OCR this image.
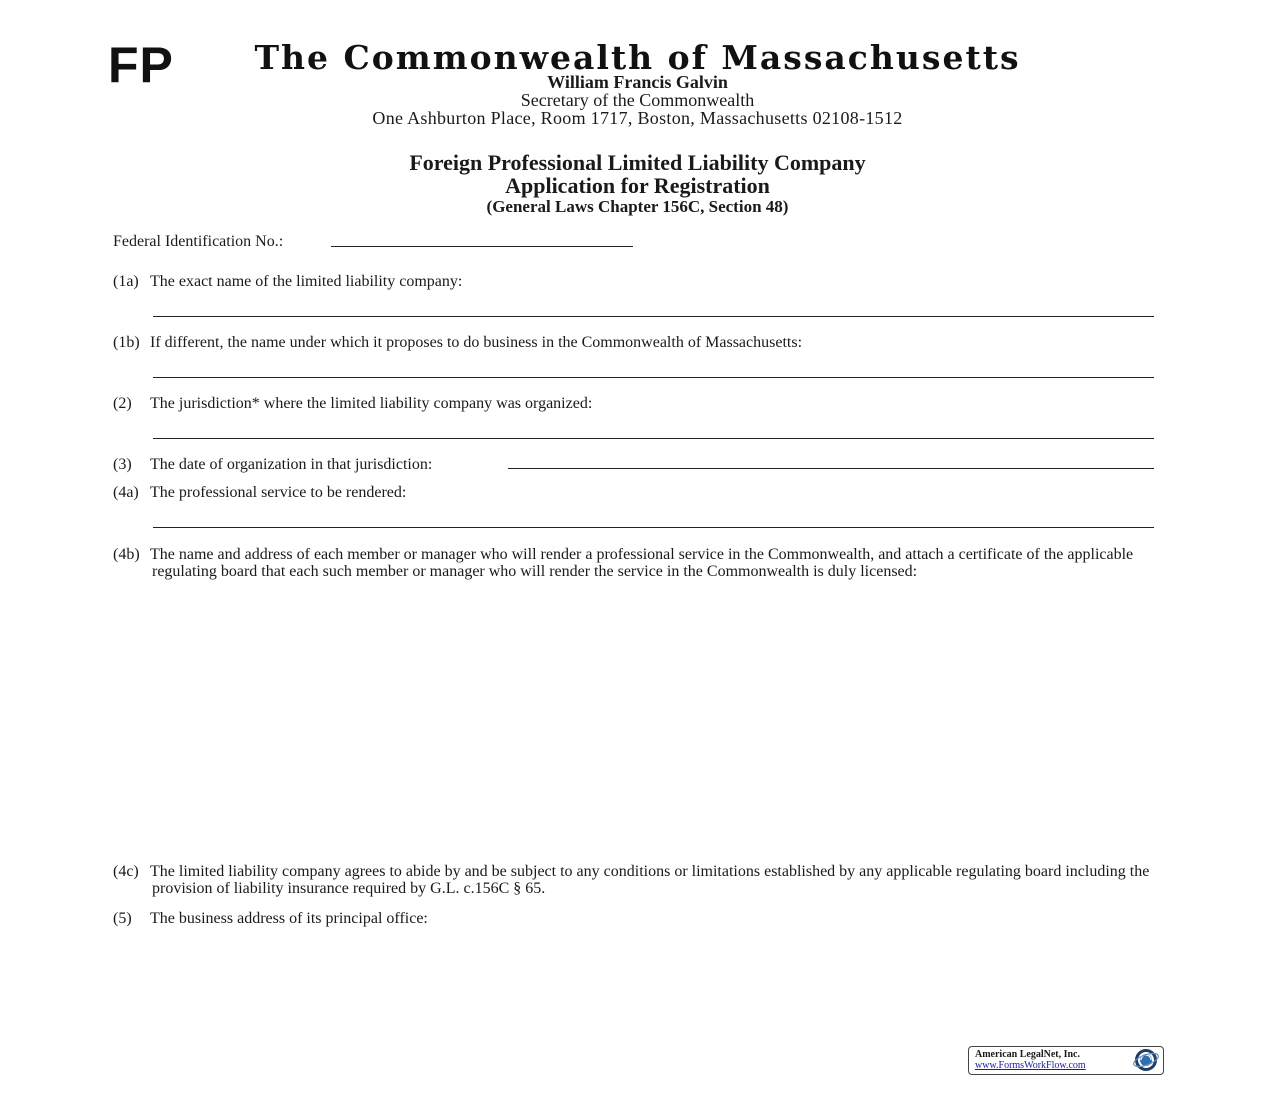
FP	The Commonwealth of Massachusetts
William Francis Galvin
Secretary of the Commonwealth
One Ashburton Place, Room 1717, Boston, Massachusetts 02108-1512
Foreign Professional Limited Liability Company
Application for Registration
(General Laws Chapter 156C, Section 48)
Federal Identification No.:
(1a) The exact name of the limited liability company:
(1b) If different, the name under which it proposes to do business in the Commonwealth of Massachusetts:
(2) The jurisdiction* where the limited liability company was organized:
(3) The date of organization in that jurisdiction:
(4a) The professional service to be rendered:
(4b) The name and address of each member or manager who will render a professional service in the Commonwealth, and attach a certificate of the applicable regulating board that each such member or manager who will render the service in the Commonwealth is duly licensed:
(4c) The limited liability company agrees to abide by and be subject to any conditions or limitations established by any applicable regulating board including the provision of liability insurance required by G.L. c.156C § 65.
(5) The business address of its principal office:
American LegalNet, Inc.
www.FormsWorkFlow.com
